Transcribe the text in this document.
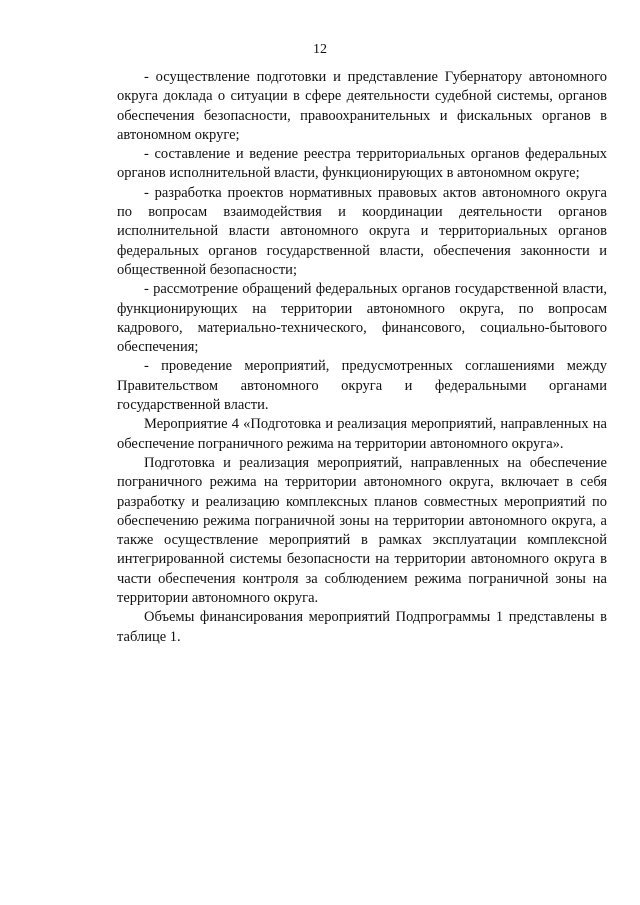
12

- осуществление подготовки и представление Губернатору автономного округа доклада о ситуации в сфере деятельности судебной системы, органов обеспечения безопасности, правоохранительных и фискальных органов в автономном округе;

- составление и ведение реестра территориальных органов федеральных органов исполнительной власти, функционирующих в автономном округе;

- разработка проектов нормативных правовых актов автономного округа по вопросам взаимодействия и координации деятельности органов исполнительной власти автономного округа и территориальных органов федеральных органов государственной власти, обеспечения законности и общественной безопасности;

- рассмотрение обращений федеральных органов государственной власти, функционирующих на территории автономного округа, по вопросам кадрового, материально-технического, финансового, социально-бытового обеспечения;

- проведение мероприятий, предусмотренных соглашениями между Правительством автономного округа и федеральными органами государственной власти.

Мероприятие 4 «Подготовка и реализация мероприятий, направленных на обеспечение пограничного режима на территории автономного округа».

Подготовка и реализация мероприятий, направленных на обеспечение пограничного режима на территории автономного округа, включает в себя разработку и реализацию комплексных планов совместных мероприятий по обеспечению режима пограничной зоны на территории автономного округа, а также осуществление мероприятий в рамках эксплуатации комплексной интегрированной системы безопасности на территории автономного округа в части обеспечения контроля за соблюдением режима пограничной зоны на территории автономного округа.

Объемы финансирования мероприятий Подпрограммы 1 представлены в таблице 1.
